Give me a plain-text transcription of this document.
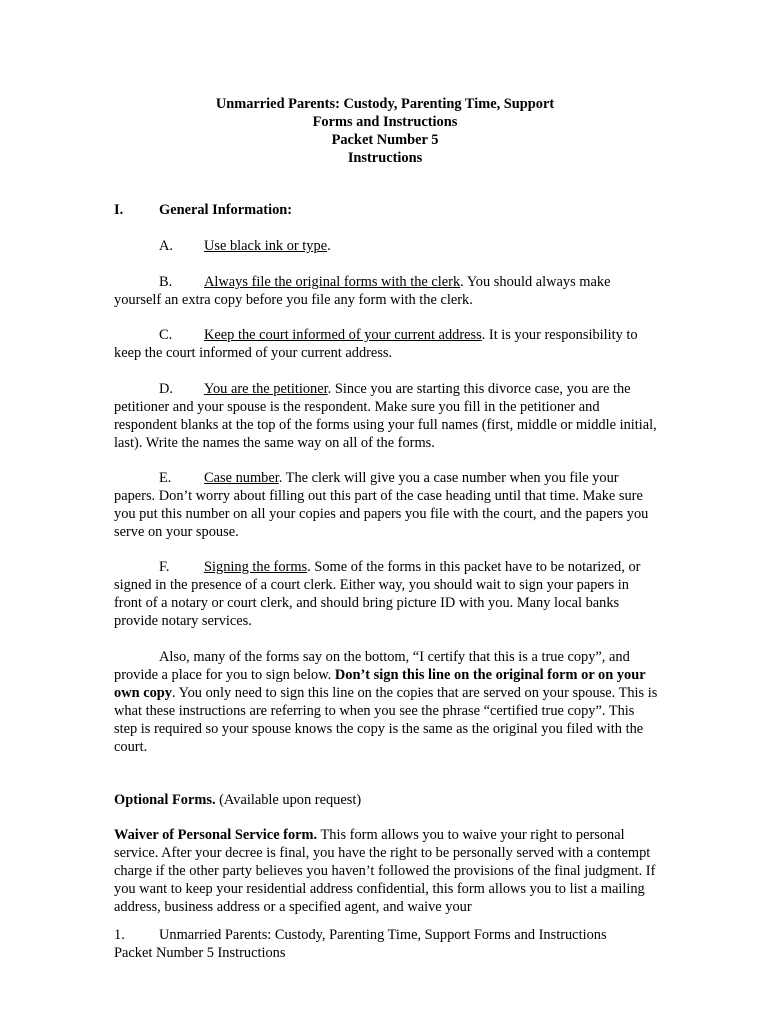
Unmarried Parents: Custody, Parenting Time, Support
Forms and Instructions
Packet Number 5
Instructions
I. General Information:
A. Use black ink or type.
B. Always file the original forms with the clerk. You should always make yourself an extra copy before you file any form with the clerk.
C. Keep the court informed of your current address. It is your responsibility to keep the court informed of your current address.
D. You are the petitioner. Since you are starting this divorce case, you are the petitioner and your spouse is the respondent. Make sure you fill in the petitioner and respondent blanks at the top of the forms using your full names (first, middle or middle initial, last). Write the names the same way on all of the forms.
E. Case number. The clerk will give you a case number when you file your papers. Don’t worry about filling out this part of the case heading until that time. Make sure you put this number on all your copies and papers you file with the court, and the papers you serve on your spouse.
F. Signing the forms. Some of the forms in this packet have to be notarized, or signed in the presence of a court clerk. Either way, you should wait to sign your papers in front of a notary or court clerk, and should bring picture ID with you. Many local banks provide notary services.
Also, many of the forms say on the bottom, “I certify that this is a true copy”, and provide a place for you to sign below. Don’t sign this line on the original form or on your own copy. You only need to sign this line on the copies that are served on your spouse. This is what these instructions are referring to when you see the phrase “certified true copy”. This step is required so your spouse knows the copy is the same as the original you filed with the court.
Optional Forms. (Available upon request)
Waiver of Personal Service form. This form allows you to waive your right to personal service. After your decree is final, you have the right to be personally served with a contempt charge if the other party believes you haven’t followed the provisions of the final judgment. If you want to keep your residential address confidential, this form allows you to list a mailing address, business address or a specified agent, and waive your
1. Unmarried Parents: Custody, Parenting Time, Support Forms and Instructions
Packet Number 5 Instructions
